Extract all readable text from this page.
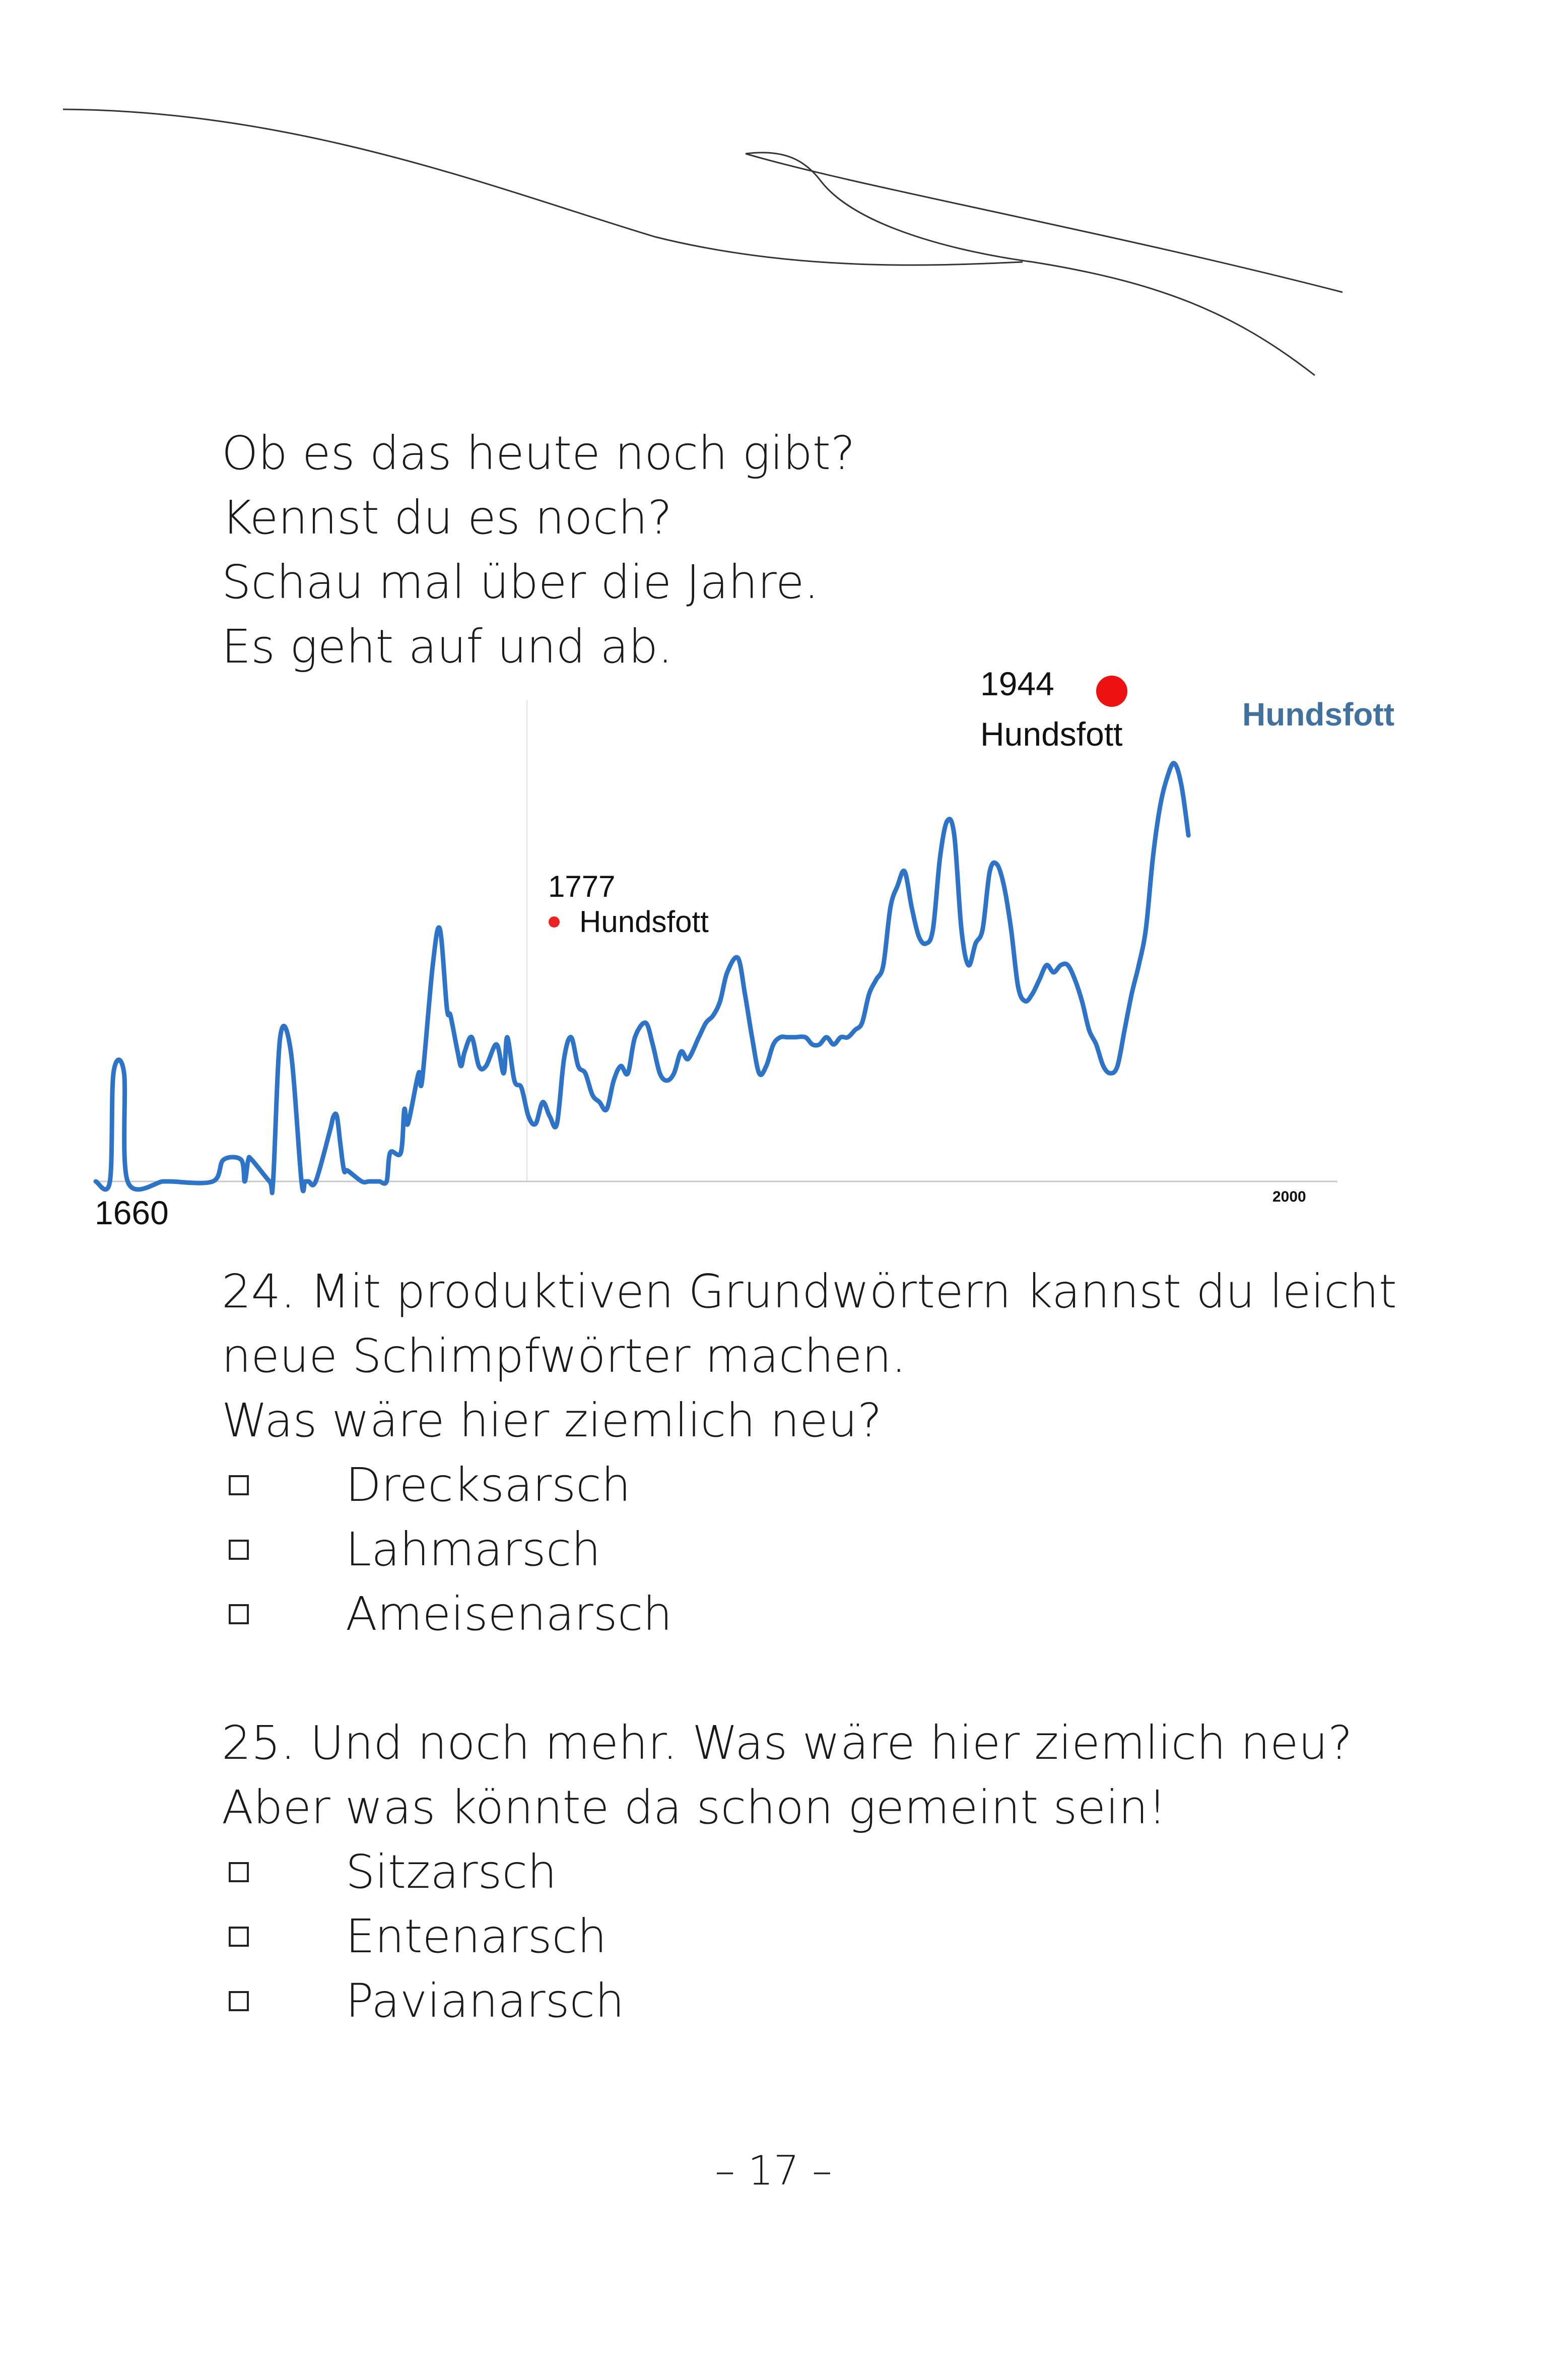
Ob es das heute noch gibt?

Kennst du es noch?

Schau mal über die Jahre.

Es geht auf und ab.

1777
Hundsfott
1944
Hundsfott
Hundsfott
1660	2000

24. Mit produktiven Grundwörtern kannst du leicht

neue Schimpfwörter machen.

Was wäre hier ziemlich neu?

Drecksarsch
Lahmarsch
Ameisenarsch

25. Und noch mehr. Was wäre hier ziemlich neu?

Aber was könnte da schon gemeint sein!

Sitzarsch
Entenarsch
Pavianarsch
– 17 –
